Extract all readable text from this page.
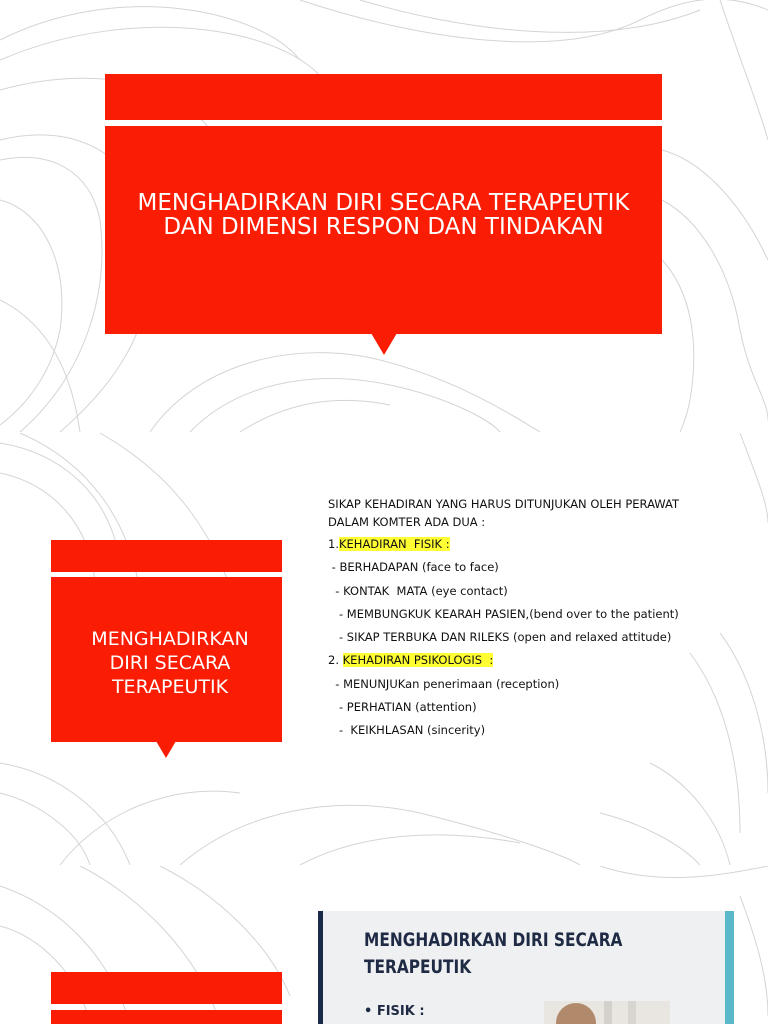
MENGHADIRKAN DIRI SECARA TERAPEUTIK
DAN DIMENSI RESPON DAN TINDAKAN
MENGHADIRKAN
DIRI SECARA
TERAPEUTIK
SIKAP KEHADIRAN YANG HARUS DITUNJUKAN OLEH PERAWAT
DALAM KOMTER ADA DUA :
1.KEHADIRAN  FISIK :
- BERHADAPAN (face to face)
- KONTAK  MATA (eye contact)
- MEMBUNGKUK KEARAH PASIEN,(bend over to the patient)
- SIKAP TERBUKA DAN RILEKS (open and relaxed attitude)
2. KEHADIRAN PSIKOLOGIS  :
- MENUNJUKan penerimaan (reception)
- PERHATIAN (attention)
-  KEIKHLASAN (sincerity)
MENGHADIRKAN DIRI SECARA
TERAPEUTIK
• FISIK :
